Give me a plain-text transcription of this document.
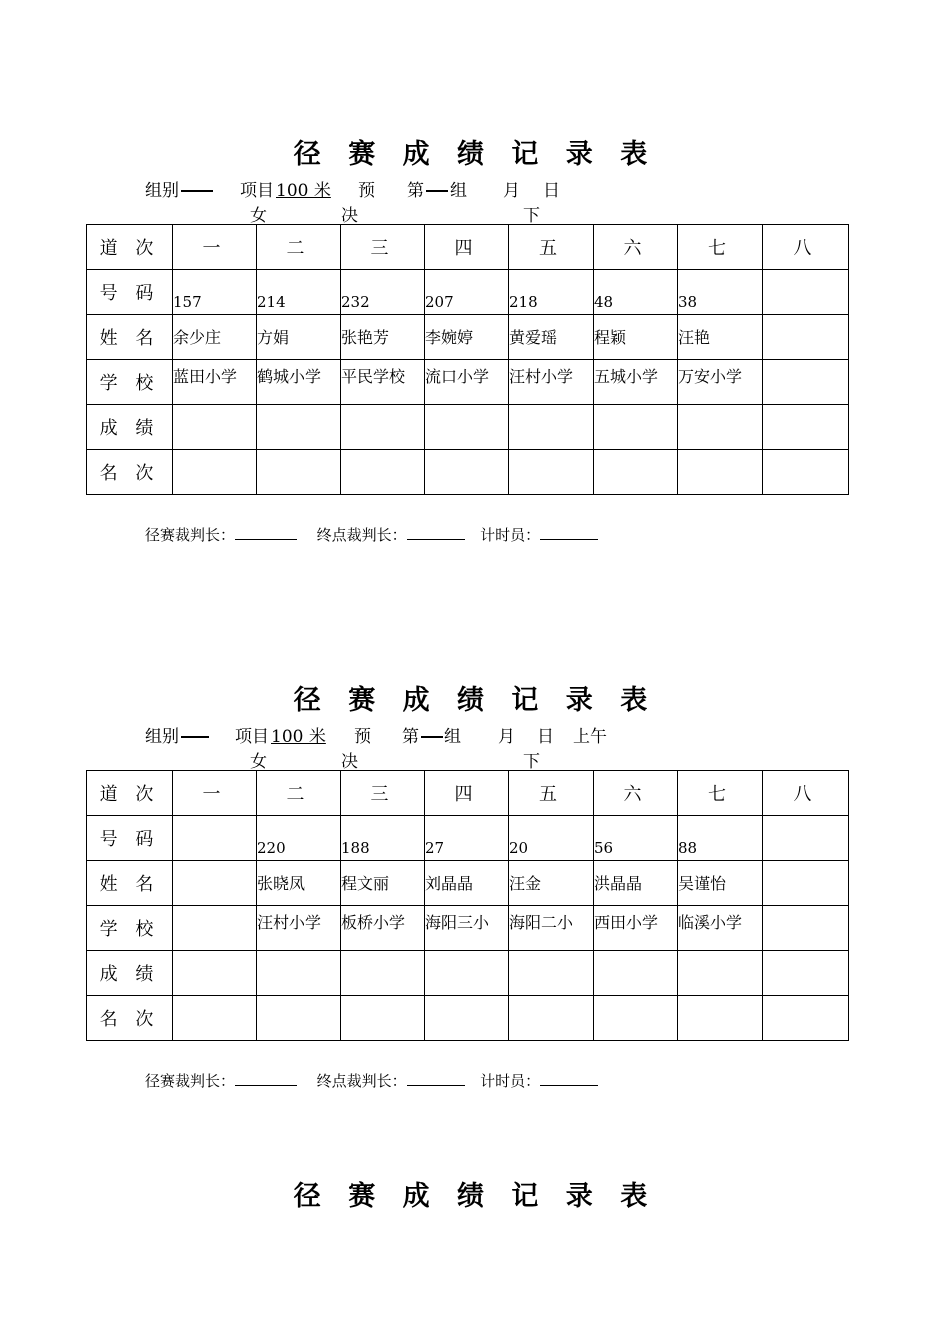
径 赛 成 绩 记 录 表
组别	项目 100 米 预 第 组 月 日
女	决	下
道 次	一	二	三	四	五	六	七	八
号 码	157	214	232	207	218	48	38	

姓 名	余少庄	方娟	张艳芳	李婉婷	黄爱瑶	程颖	汪艳	

学 校	蓝田小学	鹤城小学	平民学校	流口小学	汪村小学	五城小学	万安小学	

成 绩								
名 次								
径赛裁判长：	终点裁判长：	计时员：
径 赛 成 绩 记 录 表
组别	项目 100 米 预 第 组 月 日 上午
女	决	下
道 次	一	二	三	四	五	六	七	八
号 码		220	188	27	20	56	88	

姓 名		张晓凤	程文丽	刘晶晶	汪金	洪晶晶	吴谨怡	

学 校		汪村小学	板桥小学	海阳三小	海阳二小	西田小学	临溪小学	

成 绩								
名 次								
径赛裁判长：	终点裁判长：	计时员：
径 赛 成 绩 记 录 表
